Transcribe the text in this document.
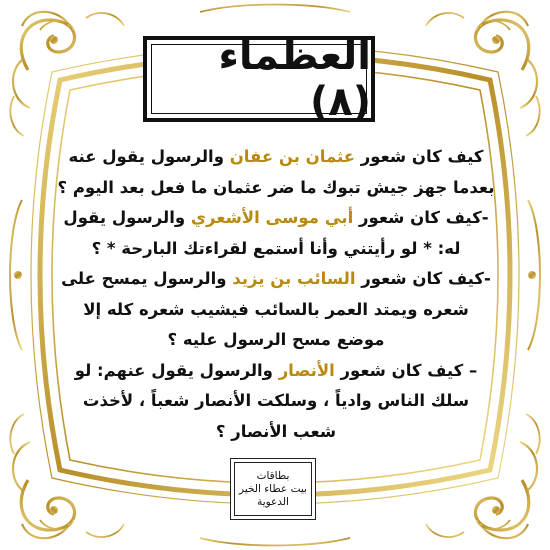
العظماء (٨)
كيف كان شعور عثمان بن عفان والرسول يقول عنه
بعدما جهز جيش تبوك ما ضر عثمان ما فعل بعد اليوم ؟
-كيف كان شعور أبي موسى الأشعري والرسول يقول
له: * لو رأيتني وأنا أستمع لقراءتك البارحة * ؟
-كيف كان شعور السائب بن يزيد والرسول يمسح على
شعره ويمتد العمر بالسائب فيشيب شعره كله إلا
موضع مسح الرسول عليه ؟
– كيف كان شعور الأنصار والرسول يقول عنهم: لو
سلك الناس وادياً ، وسلكت الأنصار شعباً ، لأخذت
شعب الأنصار ؟
بطاقات
بيت عطاء الخير
الدعوية
